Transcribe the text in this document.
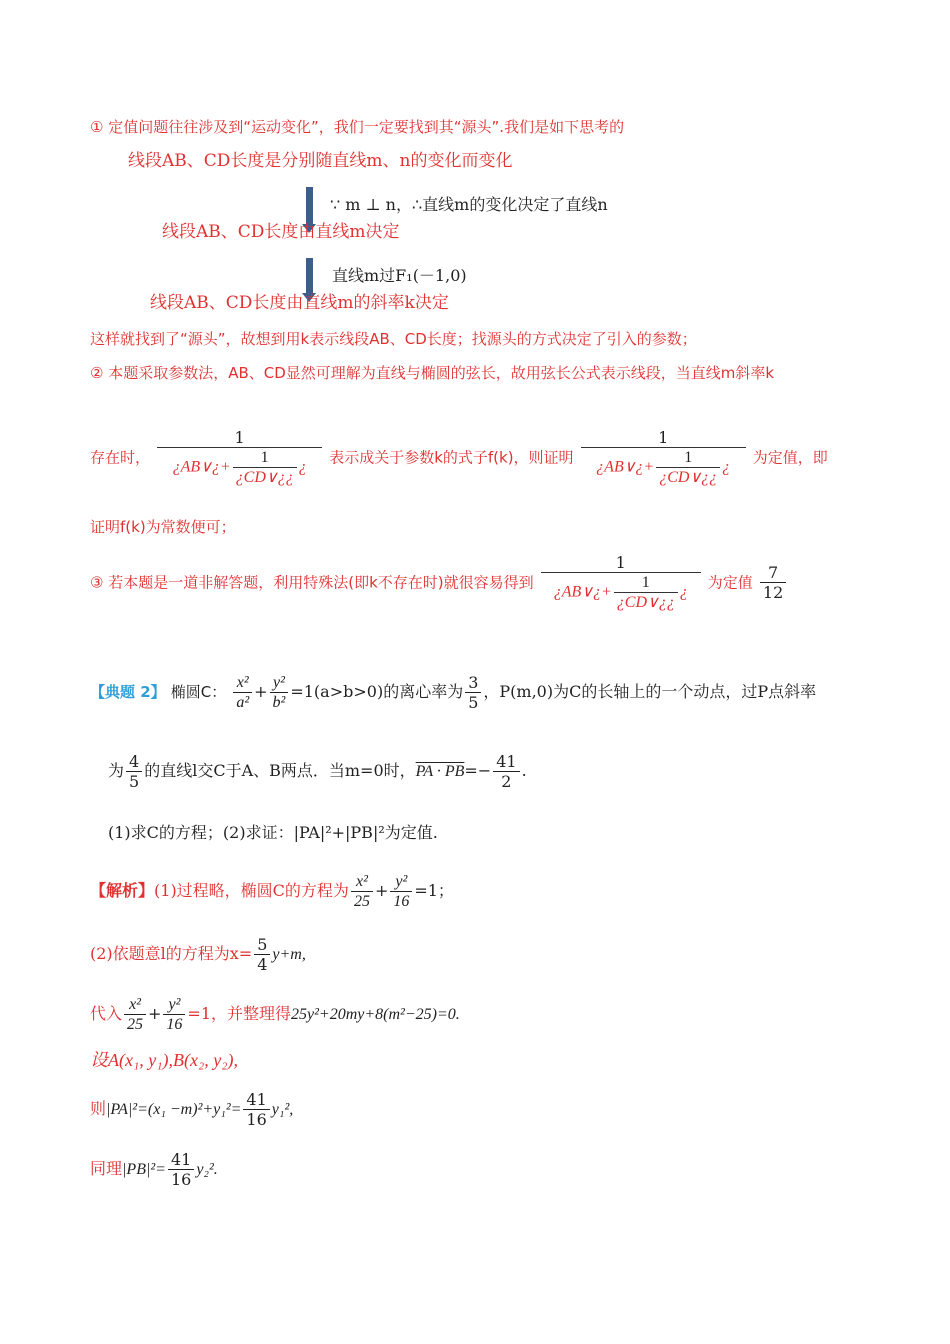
① 定值问题往往涉及到“运动变化”，我们一定要找到其“源头”.我们是如下思考的
线段AB、CD长度是分别随直线m、n的变化而变化
∵ m ⊥ n，∴直线m的变化决定了直线n
线段AB、CD长度由直线m决定
直线m过F₁(－1,0)
线段AB、CD长度由直线m的斜率k决定
这样就找到了“源头”，故想到用k表示线段AB、CD长度；找源头的方式决定了引入的参数；
② 本题采取参数法，AB、CD显然可理解为直线与椭圆的弦长，故用弦长公式表示线段，当直线m斜率k
存在时， $\frac{1}{¿AB\vee¿+ \frac{1}{¿CD\vee¿¿} ¿}$ 表示成关于参数k的式子f(k)，则证明 $\frac{1}{¿AB\vee¿+ \frac{1}{¿CD\vee¿¿} ¿}$ 为定值，即
证明f(k)为常数便可；
③ 若本题是一道非解答题，利用特殊法(即k不存在时)就很容易得到 $\frac{1}{¿AB\vee¿+ \frac{1}{¿CD\vee¿¿} ¿}$ 为定值 $\frac{7}{12}$
【典题 2】 椭圆C： $\frac{\text{x²}}{\text{a²}} + \frac{\text{y²}}{\text{b²}} =1(a>b>0)$的离心率为 $\frac{3}{5}$ ，P(m,0)为C的长轴上的一个动点，过P点斜率
为 $\frac{4}{5}$ 的直线l交C于A、B两点．当m=0时，PA · $PB=- \frac{41}{2}$ .
(1)求C的方程；(2)求证：|PA|²+|PB|²为定值.
【解析】(1)过程略，椭圆C的方程为 $\frac{\text{x²}}{25} + \frac{\text{y²}}{16} =1$；
(2)依题意l的方程为$x= \frac{5}{4} y+m$,
代入 $\frac{\text{x²}}{25} + \frac{\text{y²}}{16} =1$，并整理得25y²+20my+8(m²−25)=0.
设A(x₁, y₁),B(x₂, y₂),
则$|PA|^2=(x_1 -m)^2+y_1^2= \frac{41}{16} y_1^2$,
同理$|PB|^2= \frac{41}{16} y_2^2$.
